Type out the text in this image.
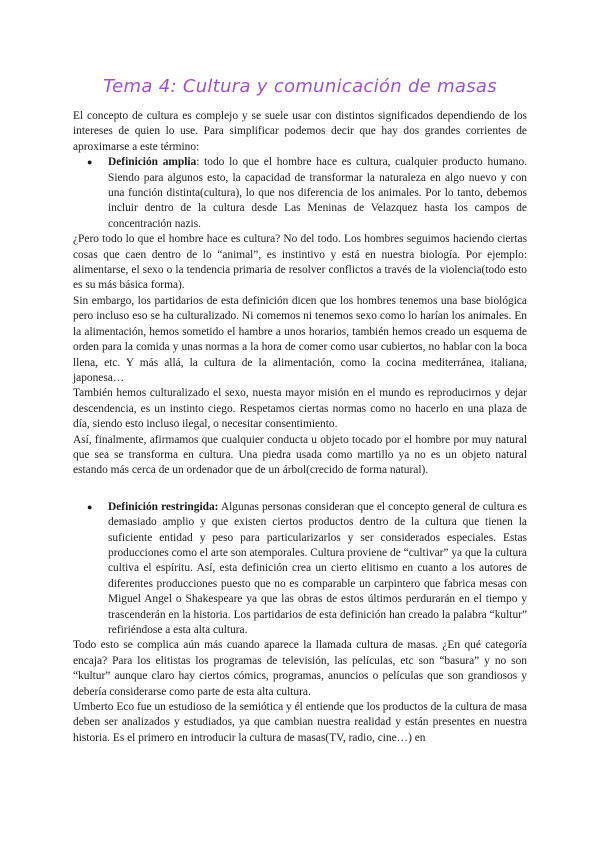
Tema 4: Cultura y comunicación de masas

El concepto de cultura es complejo y se suele usar con distintos significados dependiendo de los intereses de quien lo use. Para simplificar podemos decir que hay dos grandes corrientes de aproximarse a este término:

● Definición amplia: todo lo que el hombre hace es cultura, cualquier producto humano. Siendo para algunos esto, la capacidad de transformar la naturaleza en algo nuevo y con una función distinta(cultura), lo que nos diferencia de los animales. Por lo tanto, debemos incluir dentro de la cultura desde Las Meninas de Velazquez hasta los campos de concentración nazis.

¿Pero todo lo que el hombre hace es cultura? No del todo. Los hombres seguimos haciendo ciertas cosas que caen dentro de lo “animal”, es instintivo y está en nuestra biología. Por ejemplo: alimentarse, el sexo o la tendencia primaria de resolver conflictos a través de la violencia(todo esto es su más básica forma).

Sin embargo, los partidarios de esta definición dicen que los hombres tenemos una base biológica pero incluso eso se ha culturalizado. Ni comemos ni tenemos sexo como lo harían los animales. En la alimentación, hemos sometido el hambre a unos horarios, también hemos creado un esquema de orden para la comida y unas normas a la hora de comer como usar cubiertos, no hablar con la boca llena, etc. Y más allá, la cultura de la alimentación, como la cocina mediterránea, italiana, japonesa…

También hemos culturalizado el sexo, nuesta mayor misión en el mundo es reproducirnos y dejar descendencia, es un instinto ciego. Respetamos ciertas normas como no hacerlo en una plaza de día, siendo esto incluso ilegal, o necesitar consentimiento.

Así, finalmente, afirmamos que cualquier conducta u objeto tocado por el hombre por muy natural que sea se transforma en cultura. Una piedra usada como martillo ya no es un objeto natural estando más cerca de un ordenador que de un árbol(crecido de forma natural).

● Definición restringida: Algunas personas consideran que el concepto general de cultura es demasiado amplio y que existen ciertos productos dentro de la cultura que tienen la suficiente entidad y peso para particularizarlos y ser considerados especiales. Estas producciones como el arte son atemporales. Cultura proviene de “cultivar” ya que la cultura cultiva el espíritu. Así, esta definición crea un cierto elitismo en cuanto a los autores de diferentes producciones puesto que no es comparable un carpintero que fabrica mesas con Miguel Angel o Shakespeare ya que las obras de estos últimos perdurarán en el tiempo y trascenderán en la historia. Los partidarios de esta definición han creado la palabra “kultur” refiriéndose a esta alta cultura.

Todo esto se complica aún más cuando aparece la llamada cultura de masas. ¿En qué categoría encaja? Para los elitistas los programas de televisión, las películas, etc son “basura” y no son “kultur” aunque claro hay ciertos cómics, programas, anuncios o películas que son grandiosos y debería considerarse como parte de esta alta cultura.

Umberto Eco fue un estudioso de la semiótica y él entiende que los productos de la cultura de masa deben ser analizados y estudiados, ya que cambian nuestra realidad y están presentes en nuestra historia. Es el primero en introducir la cultura de masas(TV, radio, cine…) en
